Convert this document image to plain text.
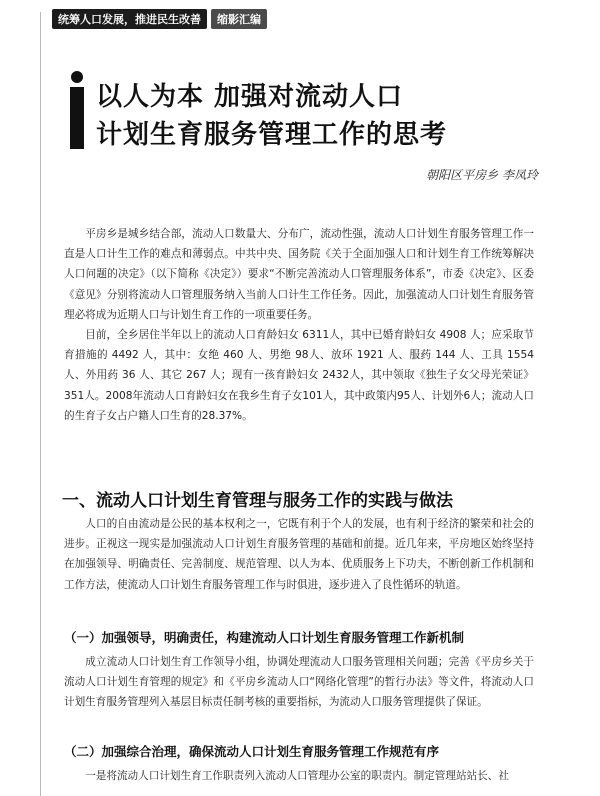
统筹人口发展，推进民生改善	缩影汇编
以人为本 加强对流动人口
计划生育服务管理工作的思考
朝阳区平房乡 李凤玲

平房乡是城乡结合部，流动人口数量大、分布广，流动性强，流动人口计划生育服务管理工作一直是人口计生工作的难点和薄弱点。中共中央、国务院《关于全面加强人口和计划生育工作统筹解决人口问题的决定》（以下简称《决定》）要求“不断完善流动人口管理服务体系”，市委《决定》、区委《意见》分别将流动人口管理服务纳入当前人口计生工作任务。因此，加强流动人口计划生育服务管理必将成为近期人口与计划生育工作的一项重要任务。

目前，全乡居住半年以上的流动人口育龄妇女 6311人，其中已婚育龄妇女 4908 人；应采取节育措施的 4492 人，其中：女绝 460 人、男绝 98人、放环 1921 人、服药 144 人、工具 1554 人、外用药 36 人、其它 267 人；现有一孩育龄妇女 2432人，其中领取《独生子女父母光荣证》351人。2008年流动人口育龄妇女在我乡生育子女101人，其中政策内95人、计划外6人；流动人口的生育子女占户籍人口生育的28.37%。

一、流动人口计划生育管理与服务工作的实践与做法

人口的自由流动是公民的基本权利之一，它既有利于个人的发展，也有利于经济的繁荣和社会的进步。正视这一现实是加强流动人口计划生育服务管理的基础和前提。近几年来，平房地区始终坚持在加强领导、明确责任、完善制度、规范管理、以人为本、优质服务上下功夫，不断创新工作机制和工作方法，使流动人口计划生育服务管理工作与时俱进，逐步进入了良性循环的轨道。

（一）加强领导，明确责任，构建流动人口计划生育服务管理工作新机制

成立流动人口计划生育工作领导小组，协调处理流动人口服务管理相关问题；完善《平房乡关于流动人口计划生育管理的规定》和《平房乡流动人口“网络化管理”的暂行办法》等文件，将流动人口计划生育服务管理列入基层目标责任制考核的重要指标，为流动人口服务管理提供了保证。

（二）加强综合治理，确保流动人口计划生育服务管理工作规范有序

一是将流动人口计划生育工作职责列入流动人口管理办公室的职责内。制定管理站站长、社
